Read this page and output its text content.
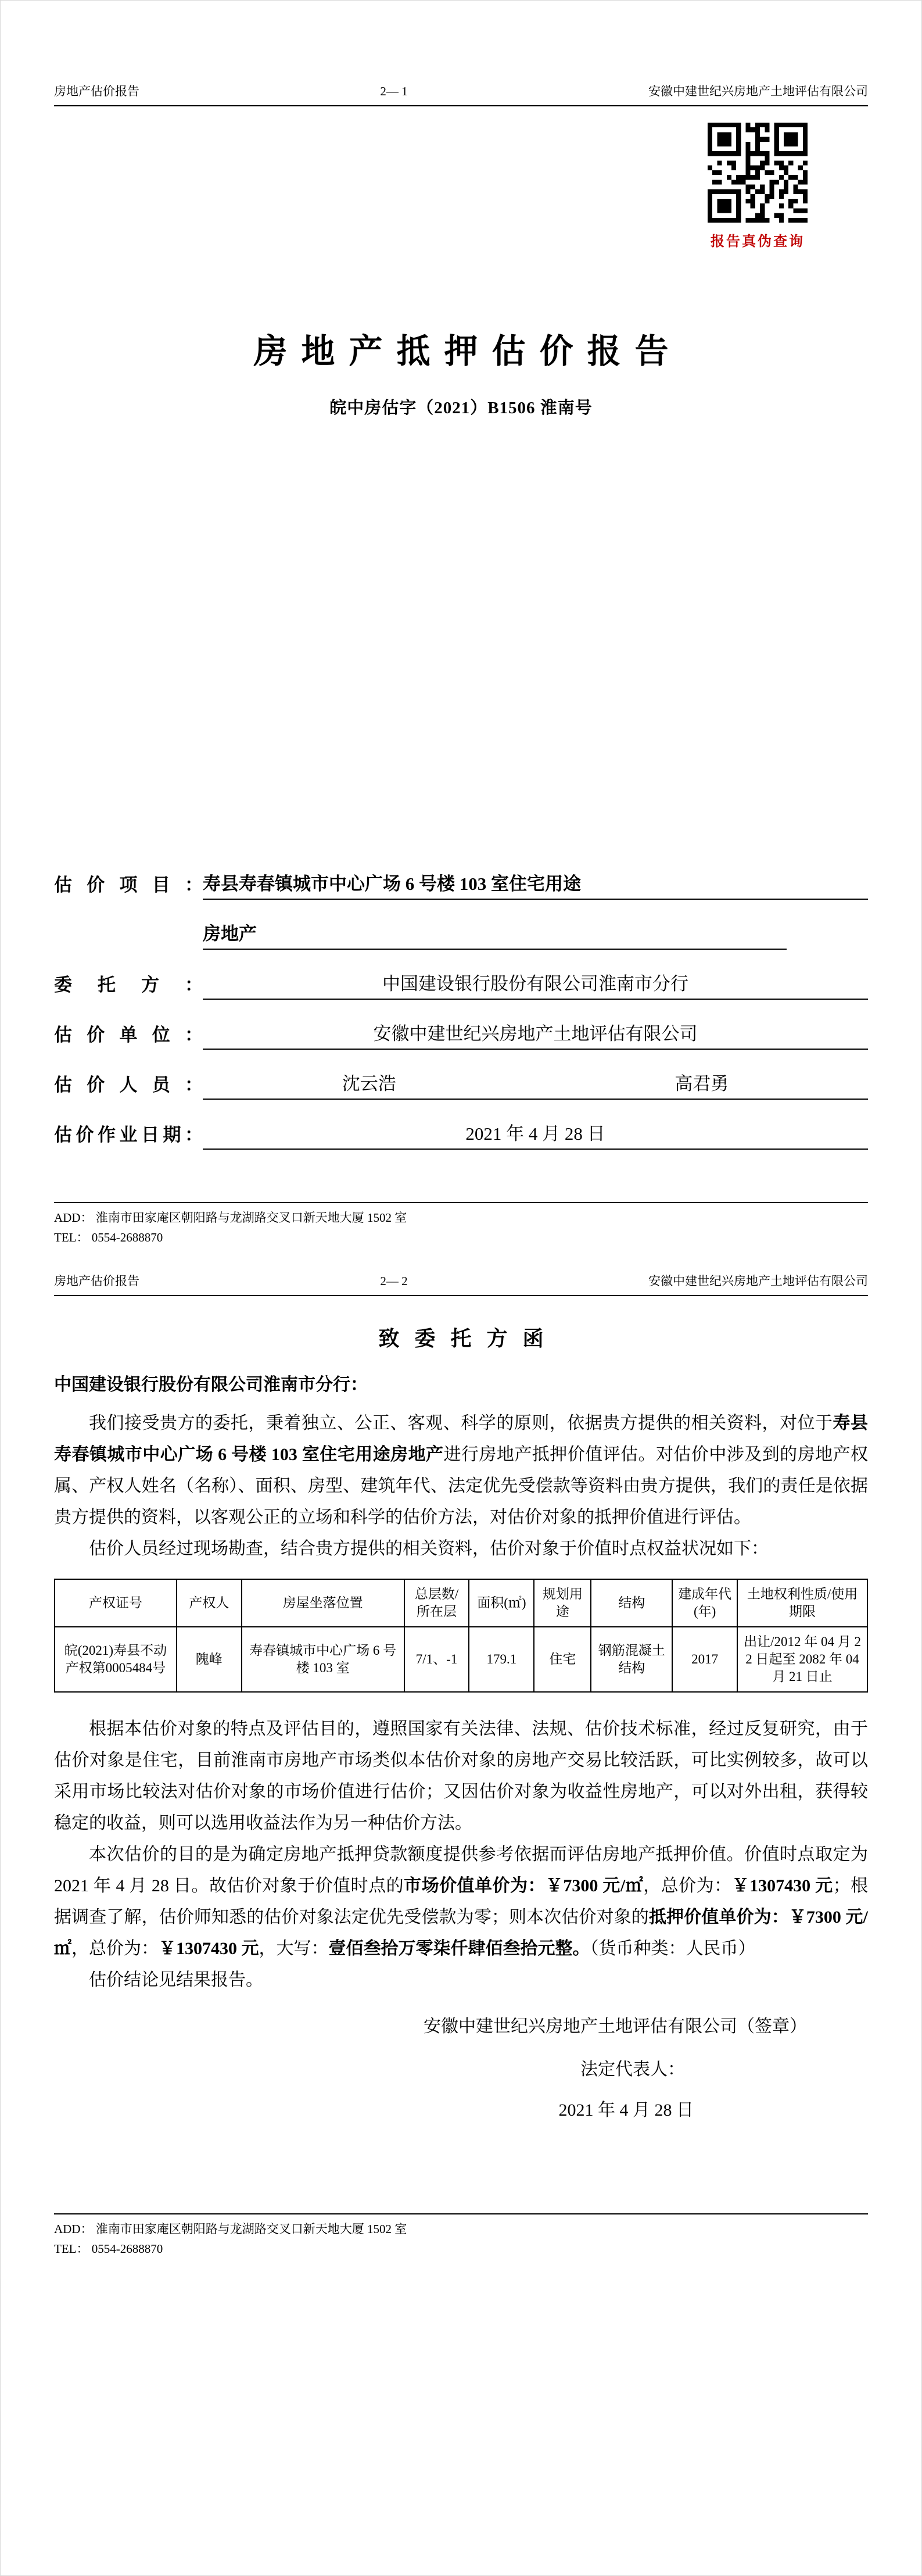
房地产估价报告	2— 1	安徽中建世纪兴房地产土地评估有限公司
报告真伪查询
房地产抵押估价报告
皖中房估字（2021）B1506 淮南号
估价项目： 寿县寿春镇城市中心广场 6 号楼 103 室住宅用途
房地产
委托方：	中国建设银行股份有限公司淮南市分行
估价单位：	安徽中建世纪兴房地产土地评估有限公司
估价人员：	沈云浩	高君勇
估价作业日期：	2021 年 4 月 28 日
ADD： 淮南市田家庵区朝阳路与龙湖路交叉口新天地大厦 1502 室
TEL： 0554-2688870
房地产估价报告	2— 2	安徽中建世纪兴房地产土地评估有限公司
致委托方函

中国建设银行股份有限公司淮南市分行：

我们接受贵方的委托，秉着独立、公正、客观、科学的原则，依据贵方提供的相关资料，对位于寿县寿春镇城市中心广场 6 号楼 103 室住宅用途房地产进行房地产抵押价值评估。对估价中涉及到的房地产权属、产权人姓名（名称）、面积、房型、建筑年代、法定优先受偿款等资料由贵方提供，我们的责任是依据贵方提供的资料，以客观公正的立场和科学的估价方法，对估价对象的抵押价值进行评估。

估价人员经过现场勘查，结合贵方提供的相关资料，估价对象于价值时点权益状况如下：

产权证号	产权人	房屋坐落位置	总层数/所在层	面积(㎡)	规划用途	结构	建成年代(年)	土地权利性质/使用期限
皖(2021)寿县不动产权第0005484号	隗峰	寿春镇城市中心广场 6 号楼 103 室	7/1、-1	179.1	住宅	钢筋混凝土结构	2017	出让/2012 年 04 月 22 日起至 2082 年 04 月 21 日止

根据本估价对象的特点及评估目的，遵照国家有关法律、法规、估价技术标准，经过反复研究，由于估价对象是住宅，目前淮南市房地产市场类似本估价对象的房地产交易比较活跃，可比实例较多，故可以采用市场比较法对估价对象的市场价值进行估价；又因估价对象为收益性房地产，可以对外出租，获得较稳定的收益，则可以选用收益法作为另一种估价方法。

本次估价的目的是为确定房地产抵押贷款额度提供参考依据而评估房地产抵押价值。价值时点取定为 2021 年 4 月 28 日。故估价对象于价值时点的市场价值单价为：￥7300 元/㎡，总价为：￥1307430 元；根据调查了解，估价师知悉的估价对象法定优先受偿款为零；则本次估价对象的抵押价值单价为：￥7300 元/㎡，总价为：￥1307430 元，大写：壹佰叁拾万零柒仟肆佰叁拾元整。（货币种类：人民币）

估价结论见结果报告。

安徽中建世纪兴房地产土地评估有限公司（签章）
法定代表人：
2021 年 4 月 28 日
ADD： 淮南市田家庵区朝阳路与龙湖路交叉口新天地大厦 1502 室
TEL： 0554-2688870
